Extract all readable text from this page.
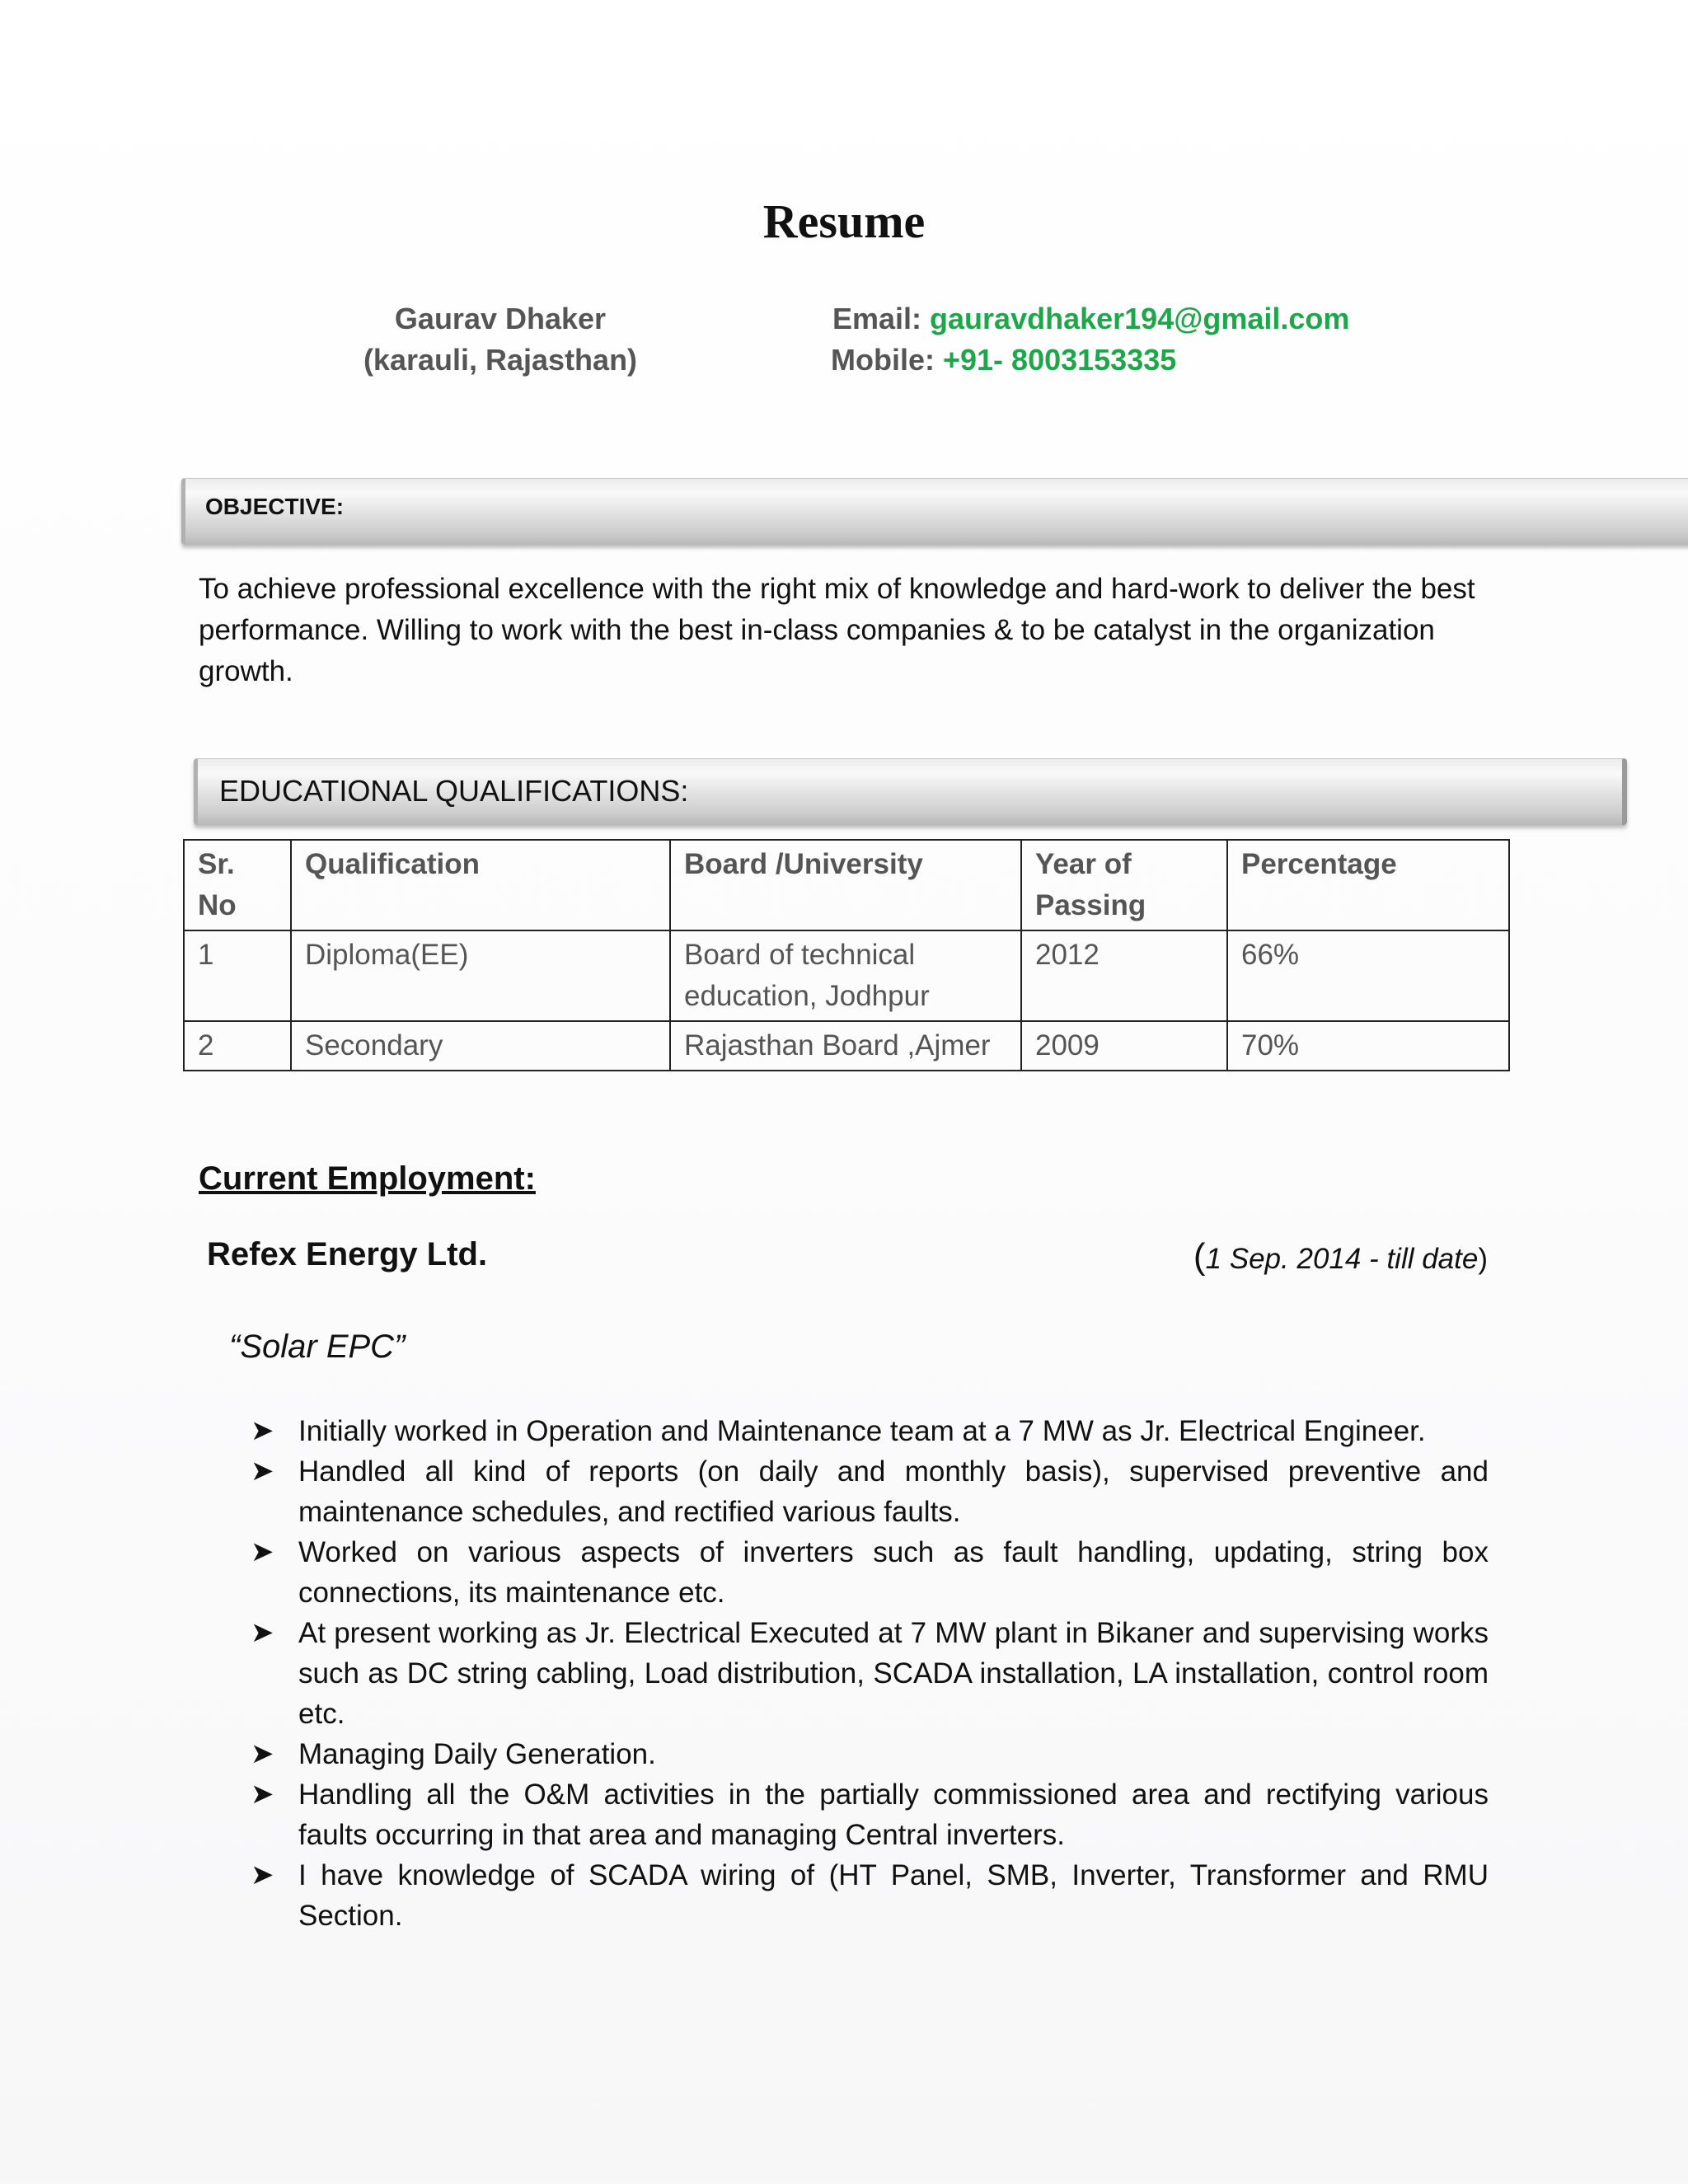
Resume
Gaurav Dhaker
(karauli, Rajasthan)
Email: gauravdhaker194@gmail.com
Mobile: +91- 8003153335
OBJECTIVE:
To achieve professional excellence with the right mix of knowledge and hard-work to deliver the best performance. Willing to work with the best in-class companies & to be catalyst in the organization growth.
EDUCATIONAL QUALIFICATIONS:
Sr. No	Qualification	Board /University	Year of Passing	Percentage
1	Diploma(EE)	Board of technical education, Jodhpur	2012	66%
2	Secondary	Rajasthan Board ,Ajmer	2009	70%
Current Employment:
Refex Energy Ltd.	(1 Sep. 2014 - till date)
“Solar EPC”
➤ Initially worked in Operation and Maintenance team at a 7 MW as Jr. Electrical Engineer.
➤ Handled all kind of reports (on daily and monthly basis), supervised preventive and maintenance schedules, and rectified various faults.
➤ Worked on various aspects of inverters such as fault handling, updating, string box connections, its maintenance etc.
➤ At present working as Jr. Electrical Executed at 7 MW plant in Bikaner and supervising works such as DC string cabling, Load distribution, SCADA installation, LA installation, control room etc.
➤ Managing Daily Generation.
➤ Handling all the O&M activities in the partially commissioned area and rectifying various faults occurring in that area and managing Central inverters.
➤ I have knowledge of SCADA wiring of (HT Panel, SMB, Inverter, Transformer and RMU Section.
